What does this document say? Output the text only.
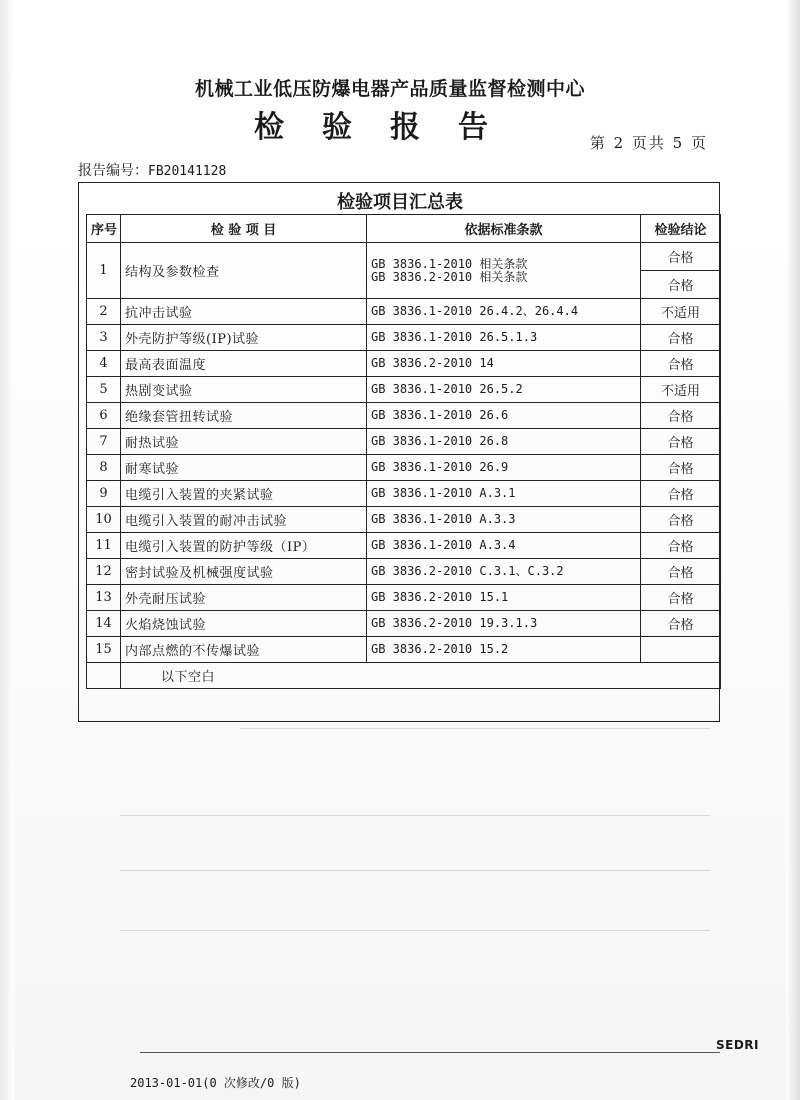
机械工业低压防爆电器产品质量监督检测中心
检验报告	第 2 页共 5 页
报告编号：FB20141128
检验项目汇总表
序号	检 验 项 目	依据标准条款	检验结论
1	结构及参数检查	GB 3836.1-2010 相关条款
GB 3836.2-2010 相关条款	合格
			合格
2	抗冲击试验	GB 3836.1-2010 26.4.2、26.4.4	不适用
3	外壳防护等级(IP)试验	GB 3836.1-2010 26.5.1.3	合格
4	最高表面温度	GB 3836.2-2010 14	合格
5	热剧变试验	GB 3836.1-2010 26.5.2	不适用
6	绝缘套管扭转试验	GB 3836.1-2010 26.6	合格
7	耐热试验	GB 3836.1-2010 26.8	合格
8	耐寒试验	GB 3836.1-2010 26.9	合格
9	电缆引入装置的夹紧试验	GB 3836.1-2010 A.3.1	合格
10	电缆引入装置的耐冲击试验	GB 3836.1-2010 A.3.3	合格
11	电缆引入装置的防护等级（IP）	GB 3836.1-2010 A.3.4	合格
12	密封试验及机械强度试验	GB 3836.2-2010 C.3.1、C.3.2	合格
13	外壳耐压试验	GB 3836.2-2010 15.1	合格
14	火焰烧蚀试验	GB 3836.2-2010 19.3.1.3	合格
15	内部点燃的不传爆试验	GB 3836.2-2010 15.2	
	以下空白		
SEDRI
2013-01-01(0 次修改/0 版)
